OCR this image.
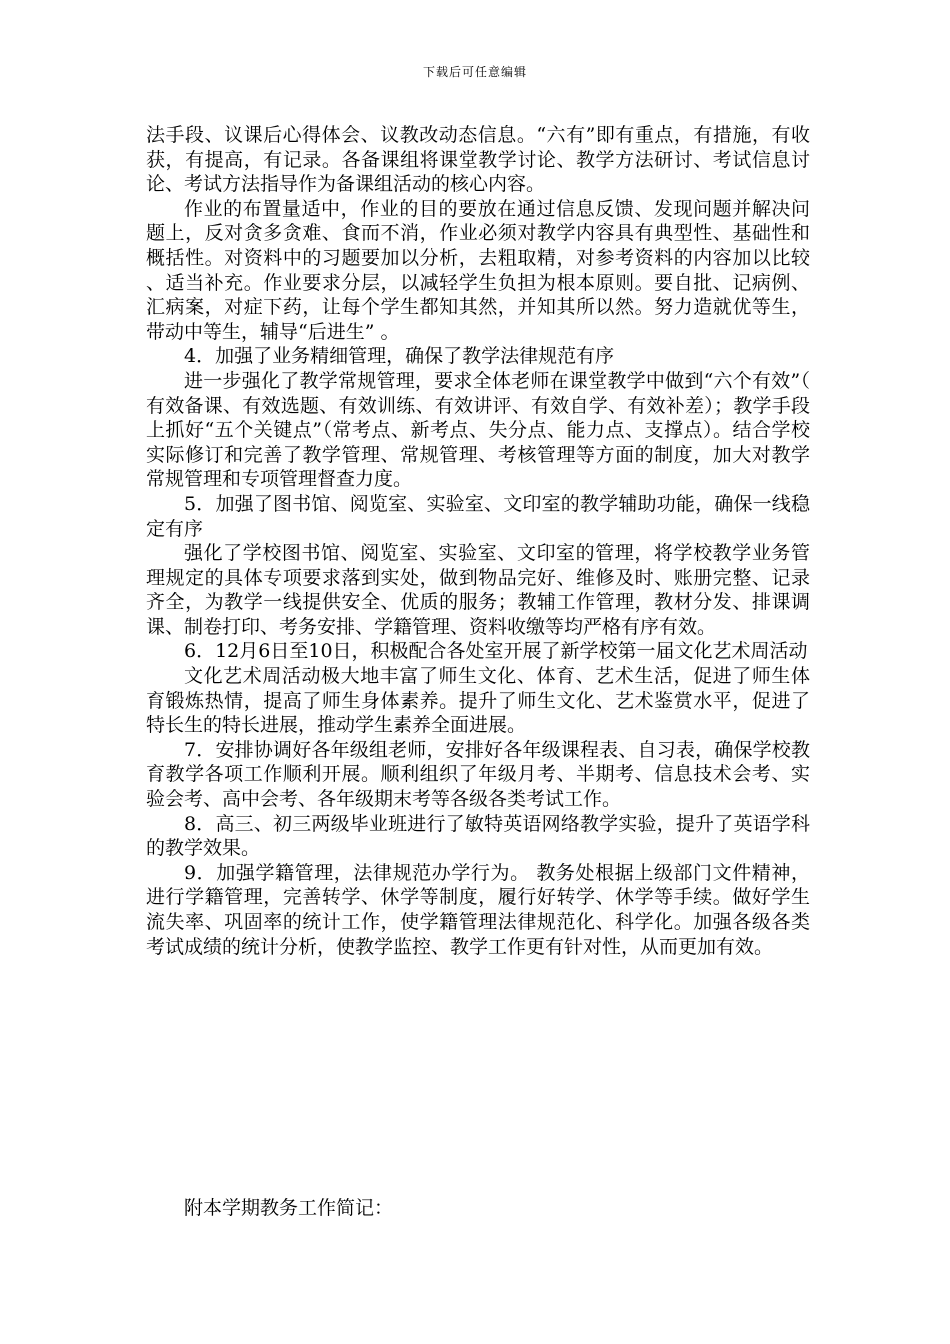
下载后可任意编辑

法手段、议课后心得体会、议教改动态信息。“六有”即有重点，有措施，有收获，有提高，有记录。各备课组将课堂教学讨论、教学方法研讨、考试信息讨论、考试方法指导作为备课组活动的核心内容。

作业的布置量适中，作业的目的要放在通过信息反馈、发现问题并解决问题上，反对贪多贪难、食而不消，作业必须对教学内容具有典型性、基础性和概括性。对资料中的习题要加以分析，去粗取精，对参考资料的内容加以比较、适当补充。作业要求分层，以减轻学生负担为根本原则。要自批、记病例、汇病案，对症下药，让每个学生都知其然，并知其所以然。努力造就优等生，带动中等生，辅导“后进生” 。

4．加强了业务精细管理，确保了教学法律规范有序

进一步强化了教学常规管理，要求全体老师在课堂教学中做到“六个有效”（有效备课、有效选题、有效训练、有效讲评、有效自学、有效补差）；教学手段上抓好“五个关键点”（常考点、新考点、失分点、能力点、支撑点）。结合学校实际修订和完善了教学管理、常规管理、考核管理等方面的制度，加大对教学常规管理和专项管理督查力度。

5．加强了图书馆、阅览室、实验室、文印室的教学辅助功能，确保一线稳定有序

强化了学校图书馆、阅览室、实验室、文印室的管理，将学校教学业务管理规定的具体专项要求落到实处，做到物品完好、维修及时、账册完整、记录齐全，为教学一线提供安全、优质的服务；教辅工作管理，教材分发、排课调课、制卷打印、考务安排、学籍管理、资料收缴等均严格有序有效。

6．12月6日至10日，积极配合各处室开展了新学校第一届文化艺术周活动

文化艺术周活动极大地丰富了师生文化、体育、艺术生活，促进了师生体育锻炼热情，提高了师生身体素养。提升了师生文化、艺术鉴赏水平，促进了特长生的特长进展，推动学生素养全面进展。

7．安排协调好各年级组老师，安排好各年级课程表、自习表，确保学校教育教学各项工作顺利开展。顺利组织了年级月考、半期考、信息技术会考、实验会考、高中会考、各年级期末考等各级各类考试工作。

8．高三、初三两级毕业班进行了敏特英语网络教学实验，提升了英语学科的教学效果。

9．加强学籍管理，法律规范办学行为。 教务处根据上级部门文件精神，进行学籍管理，完善转学、休学等制度，履行好转学、休学等手续。做好学生流失率、巩固率的统计工作，使学籍管理法律规范化、科学化。加强各级各类考试成绩的统计分析，使教学监控、教学工作更有针对性，从而更加有效。

附本学期教务工作简记：
